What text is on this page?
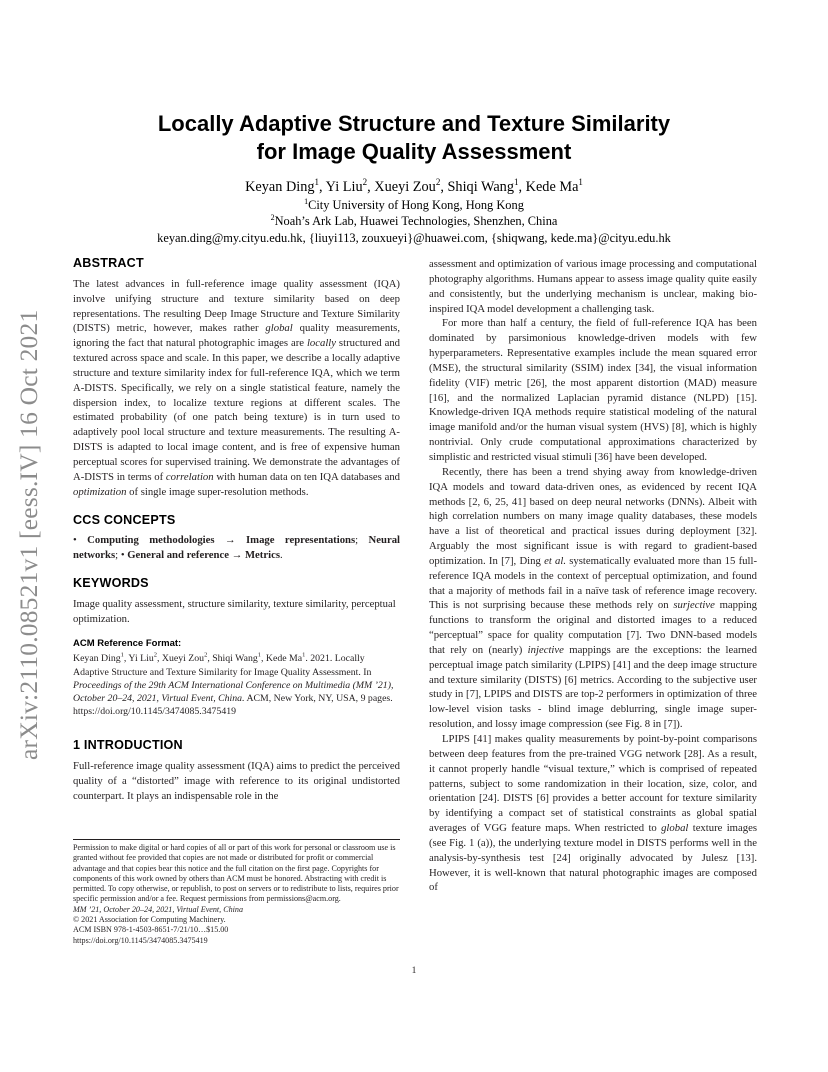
arXiv:2110.08521v1 [eess.IV] 16 Oct 2021
Locally Adaptive Structure and Texture Similarity
for Image Quality Assessment
Keyan Ding$^1$, Yi Liu$^2$, Xueyi Zou$^2$, Shiqi Wang$^1$, Kede Ma$^1$
$^1$City University of Hong Kong, Hong Kong
$^2$Noah’s Ark Lab, Huawei Technologies, Shenzhen, China
keyan.ding@my.cityu.edu.hk, {liuyi113, zouxueyi}@huawei.com, {shiqwang, kede.ma}@cityu.edu.hk
ABSTRACT

The latest advances in full-reference image quality assessment (IQA) involve unifying structure and texture similarity based on deep representations. The resulting Deep Image Structure and Texture Similarity (DISTS) metric, however, makes rather global quality measurements, ignoring the fact that natural photographic images are locally structured and textured across space and scale. In this paper, we describe a locally adaptive structure and texture similarity index for full-reference IQA, which we term A-DISTS. Specifically, we rely on a single statistical feature, namely the dispersion index, to localize texture regions at different scales. The estimated probability (of one patch being texture) is in turn used to adaptively pool local structure and texture measurements. The resulting A-DISTS is adapted to local image content, and is free of expensive human perceptual scores for supervised training. We demonstrate the advantages of A-DISTS in terms of correlation with human data on ten IQA databases and optimization of single image super-resolution methods.

CCS CONCEPTS

• Computing methodologies → Image representations; Neural networks; • General and reference → Metrics.

KEYWORDS

Image quality assessment, structure similarity, texture similarity, perceptual optimization.

ACM Reference Format:

Keyan Ding$^1$, Yi Liu$^2$, Xueyi Zou$^2$, Shiqi Wang$^1$, Kede Ma$^1$. 2021. Locally Adaptive Structure and Texture Similarity for Image Quality Assessment. In Proceedings of the 29th ACM International Conference on Multimedia (MM ’21), October 20–24, 2021, Virtual Event, China. ACM, New York, NY, USA, 9 pages. https://doi.org/10.1145/3474085.3475419

1 INTRODUCTION

Full-reference image quality assessment (IQA) aims to predict the perceived quality of a “distorted” image with reference to its original undistorted counterpart. It plays an indispensable role in the

Permission to make digital or hard copies of all or part of this work for personal or classroom use is granted without fee provided that copies are not made or distributed for profit or commercial advantage and that copies bear this notice and the full citation on the first page. Copyrights for components of this work owned by others than ACM must be honored. Abstracting with credit is permitted. To copy otherwise, or republish, to post on servers or to redistribute to lists, requires prior specific permission and/or a fee. Request permissions from permissions@acm.org.
MM ’21, October 20–24, 2021, Virtual Event, China
© 2021 Association for Computing Machinery.
ACM ISBN 978-1-4503-8651-7/21/10…$15.00
https://doi.org/10.1145/3474085.3475419

assessment and optimization of various image processing and computational photography algorithms. Humans appear to assess image quality quite easily and consistently, but the underlying mechanism is unclear, making bio-inspired IQA model development a challenging task.

For more than half a century, the field of full-reference IQA has been dominated by parsimonious knowledge-driven models with few hyperparameters. Representative examples include the mean squared error (MSE), the structural similarity (SSIM) index [34], the visual information fidelity (VIF) metric [26], the most apparent distortion (MAD) measure [16], and the normalized Laplacian pyramid distance (NLPD) [15]. Knowledge-driven IQA methods require statistical modeling of the natural image manifold and/or the human visual system (HVS) [8], which is highly nontrivial. Only crude computational approximations characterized by simplistic and restricted visual stimuli [36] have been developed.

Recently, there has been a trend shying away from knowledge-driven IQA models and toward data-driven ones, as evidenced by recent IQA methods [2, 6, 25, 41] based on deep neural networks (DNNs). Albeit with high correlation numbers on many image quality databases, these models have a list of theoretical and practical issues during deployment [32]. Arguably the most significant issue is with regard to gradient-based optimization. In [7], Ding et al. systematically evaluated more than 15 full-reference IQA models in the context of perceptual optimization, and found that a majority of methods fail in a naïve task of reference image recovery. This is not surprising because these methods rely on surjective mapping functions to transform the original and distorted images to a reduced “perceptual” space for quality computation [7]. Two DNN-based models that rely on (nearly) injective mappings are the exceptions: the learned perceptual image patch similarity (LPIPS) [41] and the deep image structure and texture similarity (DISTS) [6] metrics. According to the subjective user study in [7], LPIPS and DISTS are top-2 performers in optimization of three low-level vision tasks - blind image deblurring, single image super-resolution, and lossy image compression (see Fig. 8 in [7]).

LPIPS [41] makes quality measurements by point-by-point comparisons between deep features from the pre-trained VGG network [28]. As a result, it cannot properly handle “visual texture,” which is comprised of repeated patterns, subject to some randomization in their location, size, color, and orientation [24]. DISTS [6] provides a better account for texture similarity by identifying a compact set of statistical constraints as global spatial averages of VGG feature maps. When restricted to global texture images (see Fig. 1 (a)), the underlying texture model in DISTS performs well in the analysis-by-synthesis test [24] originally advocated by Julesz [13]. However, it is well-known that natural photographic images are composed of

1
